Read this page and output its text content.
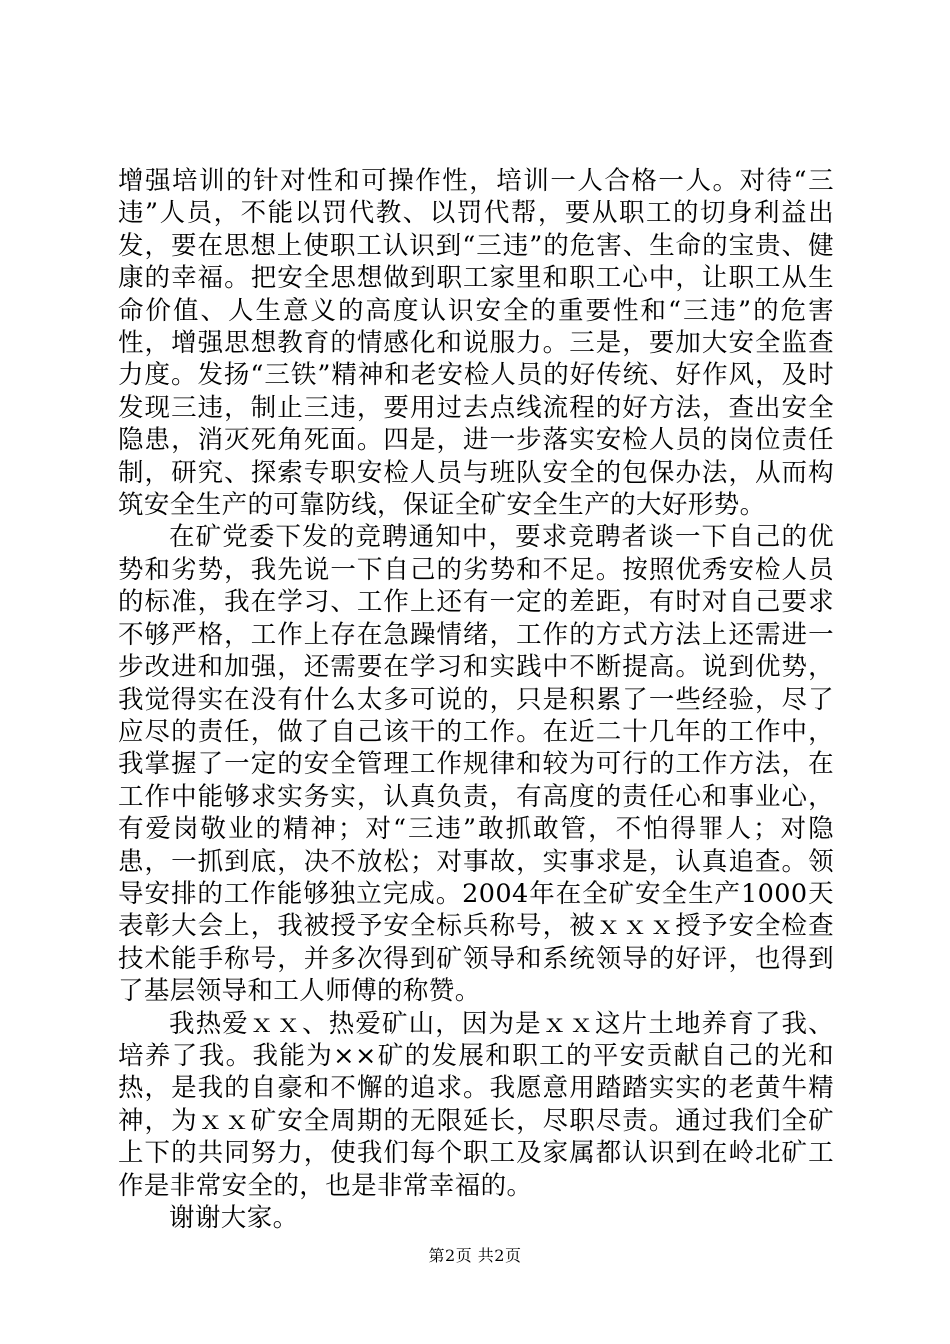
增强培训的针对性和可操作性，培训一人合格一人。对待“三违”人员，不能以罚代教、以罚代帮，要从职工的切身利益出发，要在思想上使职工认识到“三违”的危害、生命的宝贵、健康的幸福。把安全思想做到职工家里和职工心中，让职工从生命价值、人生意义的高度认识安全的重要性和“三违”的危害性，增强思想教育的情感化和说服力。三是，要加大安全监查力度。发扬“三铁”精神和老安检人员的好传统、好作风，及时发现三违，制止三违，要用过去点线流程的好方法，查出安全隐患，消灭死角死面。四是，进一步落实安检人员的岗位责任制，研究、探索专职安检人员与班队安全的包保办法，从而构筑安全生产的可靠防线，保证全矿安全生产的大好形势。

在矿党委下发的竞聘通知中，要求竞聘者谈一下自己的优势和劣势，我先说一下自己的劣势和不足。按照优秀安检人员的标准，我在学习、工作上还有一定的差距，有时对自己要求不够严格，工作上存在急躁情绪，工作的方式方法上还需进一步改进和加强，还需要在学习和实践中不断提高。说到优势，我觉得实在没有什么太多可说的，只是积累了一些经验，尽了应尽的责任，做了自己该干的工作。在近二十几年的工作中，我掌握了一定的安全管理工作规律和较为可行的工作方法，在工作中能够求实务实，认真负责，有高度的责任心和事业心，有爱岗敬业的精神；对“三违”敢抓敢管，不怕得罪人；对隐患，一抓到底，决不放松；对事故，实事求是，认真追查。领导安排的工作能够独立完成。2004年在全矿安全生产1000天表彰大会上，我被授予安全标兵称号，被ｘｘｘ授予安全检查技术能手称号，并多次得到矿领导和系统领导的好评，也得到了基层领导和工人师傅的称赞。

我热爱ｘｘ、热爱矿山，因为是ｘｘ这片土地养育了我、培养了我。我能为××矿的发展和职工的平安贡献自己的光和热，是我的自豪和不懈的追求。我愿意用踏踏实实的老黄牛精神，为ｘｘ矿安全周期的无限延长，尽职尽责。通过我们全矿上下的共同努力，使我们每个职工及家属都认识到在岭北矿工作是非常安全的，也是非常幸福的。

谢谢大家。

第2页 共2页
